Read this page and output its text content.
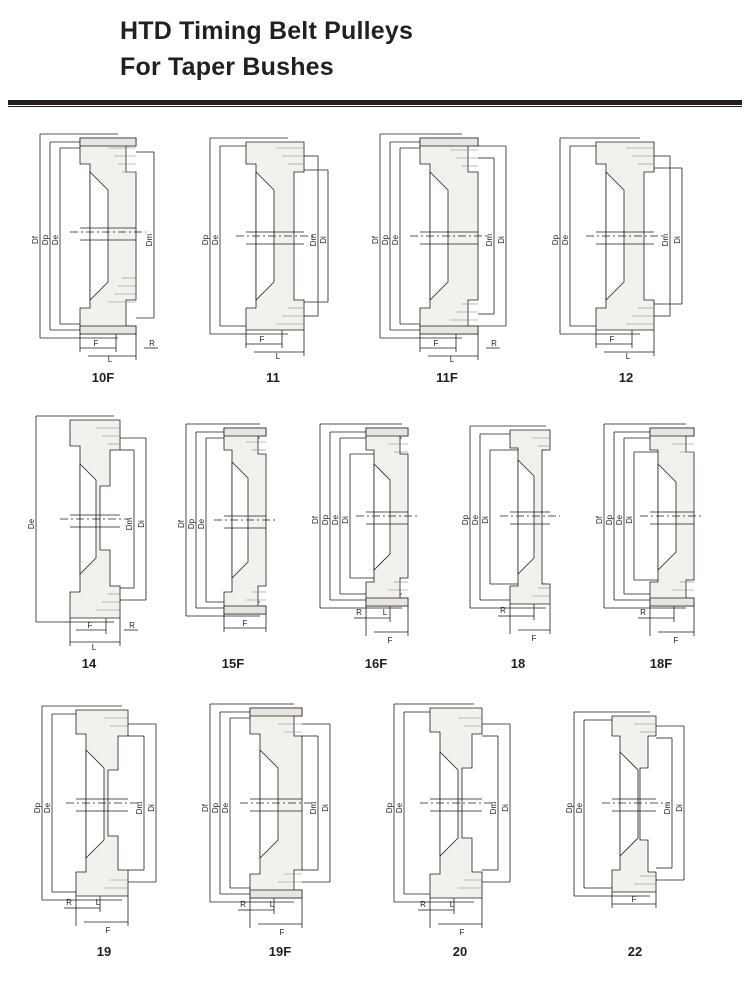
HTD Timing Belt Pulleys
For Taper Bushes
Df Dp De	Dm
F
L
R
10F
Dp De	Dm Di
F
L
11
Df Dp De	Dm Di
F
L
R
11F
Dp De	Dm Di
F
L
12
De	Dm Di
F
L
R
14
Df Dp De
F
15F
Df Dp De Di
R	L
F
16F
Dp De Di
R
F
18
Df Dp De Di
R
F
18F
Dp De	Dm Di
R	L
F
19
Df Dp De	Dm Di
R	L
F
19F
Dp De	Dm Di
R	L
F
20
Dp De	Dm Di
F
22
